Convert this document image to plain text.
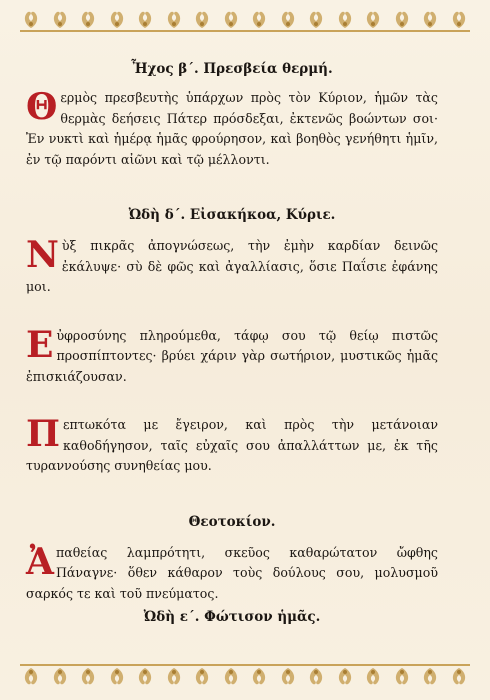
Ἦχος β΄. Πρεσβεία θερμή.
Θ ερμὸς πρεσβευτὴς ὑπάρχων πρὸς τὸν Κύριον, ἡμῶν τὰς θερμὰς δεήσεις Πάτερ πρόσδεξαι, ἐκτενῶς βοώντων σοι· Ἐν νυκτὶ καὶ ἡμέρᾳ ἡμᾶς φρούρησον, καὶ βοηθὸς γενήθητι ἡμῖν, ἐν τῷ παρόντι αἰῶνι καὶ τῷ μέλλοντι.

Ὠδὴ δ΄. Εἰσακήκοα, Κύριε.
Ν ὺξ πικρᾶς ἀπογνώσεως, τὴν ἐμὴν καρδίαν δεινῶς ἐκάλυψε· σὺ δὲ φῶς καὶ ἀγαλλίασις, ὅσιε Παΐσιε ἐφάνης μοι.

Ε ὐφροσύνης πληρούμεθα, τάφῳ σου τῷ θείῳ πιστῶς προσπίπτοντες· βρύει χάριν γὰρ σωτήριον, μυστικῶς ἡμᾶς ἐπισκιάζουσαν.

Π επτωκότα με ἔγειρον, καὶ πρὸς τὴν μετάνοιαν καθοδήγησον, ταῖς εὐχαῖς σου ἀπαλλάττων με, ἐκ τῆς τυραννούσης συνηθείας μου.

Θεοτοκίον.
Ἀ παθείας λαμπρότητι, σκεῦος καθαρώτατον ὤφθης Πάναγνε· ὅθεν κάθαρον τοὺς δούλους σου, μολυσμοῦ σαρκός τε καὶ τοῦ πνεύματος.

Ὠδὴ ε΄. Φώτισον ἡμᾶς.
